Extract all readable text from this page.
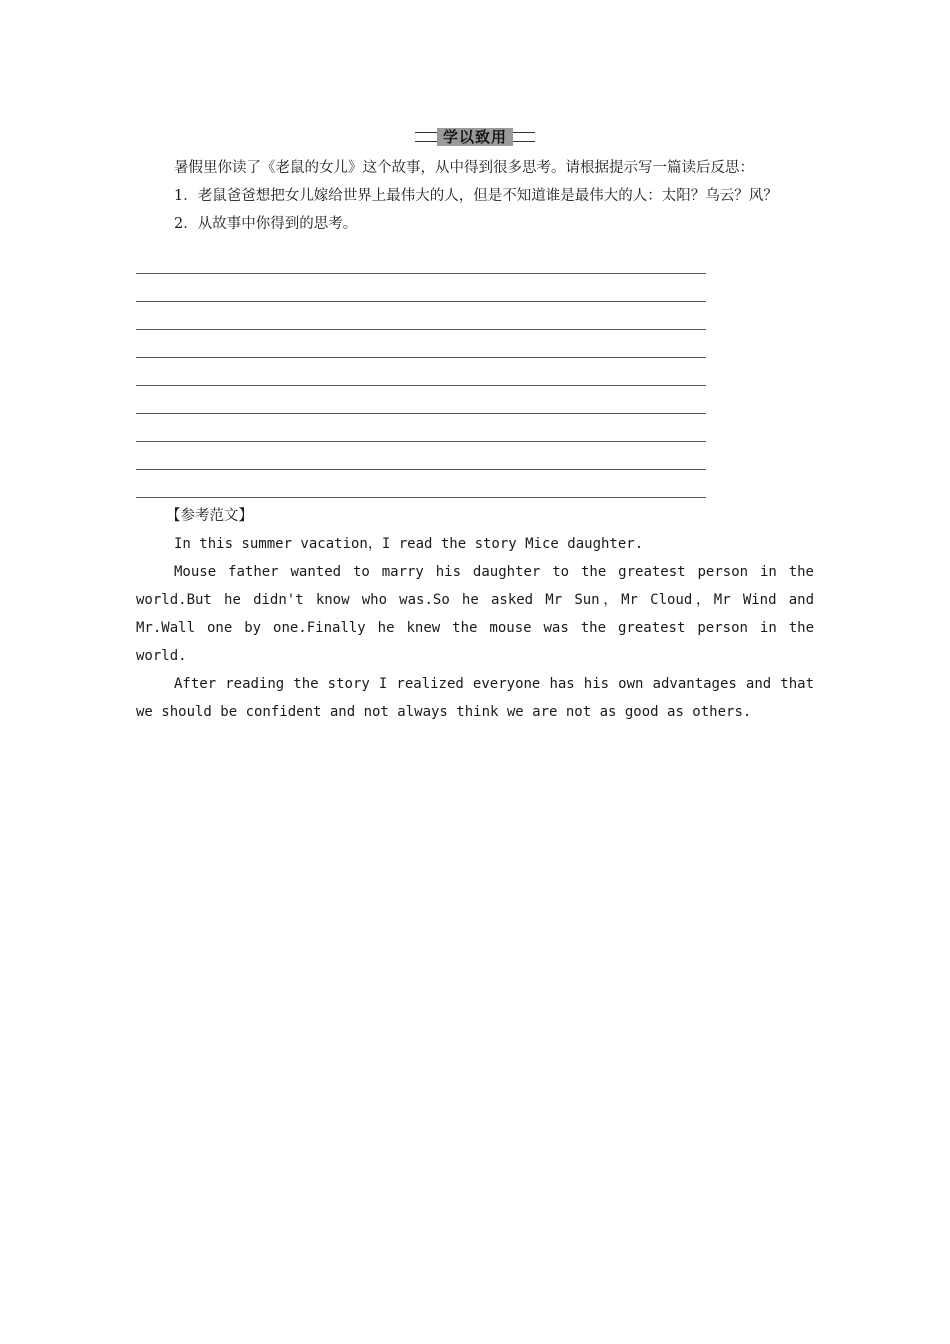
学以致用

暑假里你读了《老鼠的女儿》这个故事，从中得到很多思考。请根据提示写一篇读后反思：

1．老鼠爸爸想把女儿嫁给世界上最伟大的人，但是不知道谁是最伟大的人：太阳？乌云？风？

2．从故事中你得到的思考。

【参考范文】

In this summer vacation，I read the story Mice daughter.

Mouse father wanted to marry his daughter to the greatest person in the world.But he didn't know who was.So he asked Mr Sun，Mr Cloud，Mr Wind and Mr.Wall one by one.Finally he knew the mouse was the greatest person in the world.

After reading the story I realized everyone has his own advantages and that we should be confident and not always think we are not as good as others.
